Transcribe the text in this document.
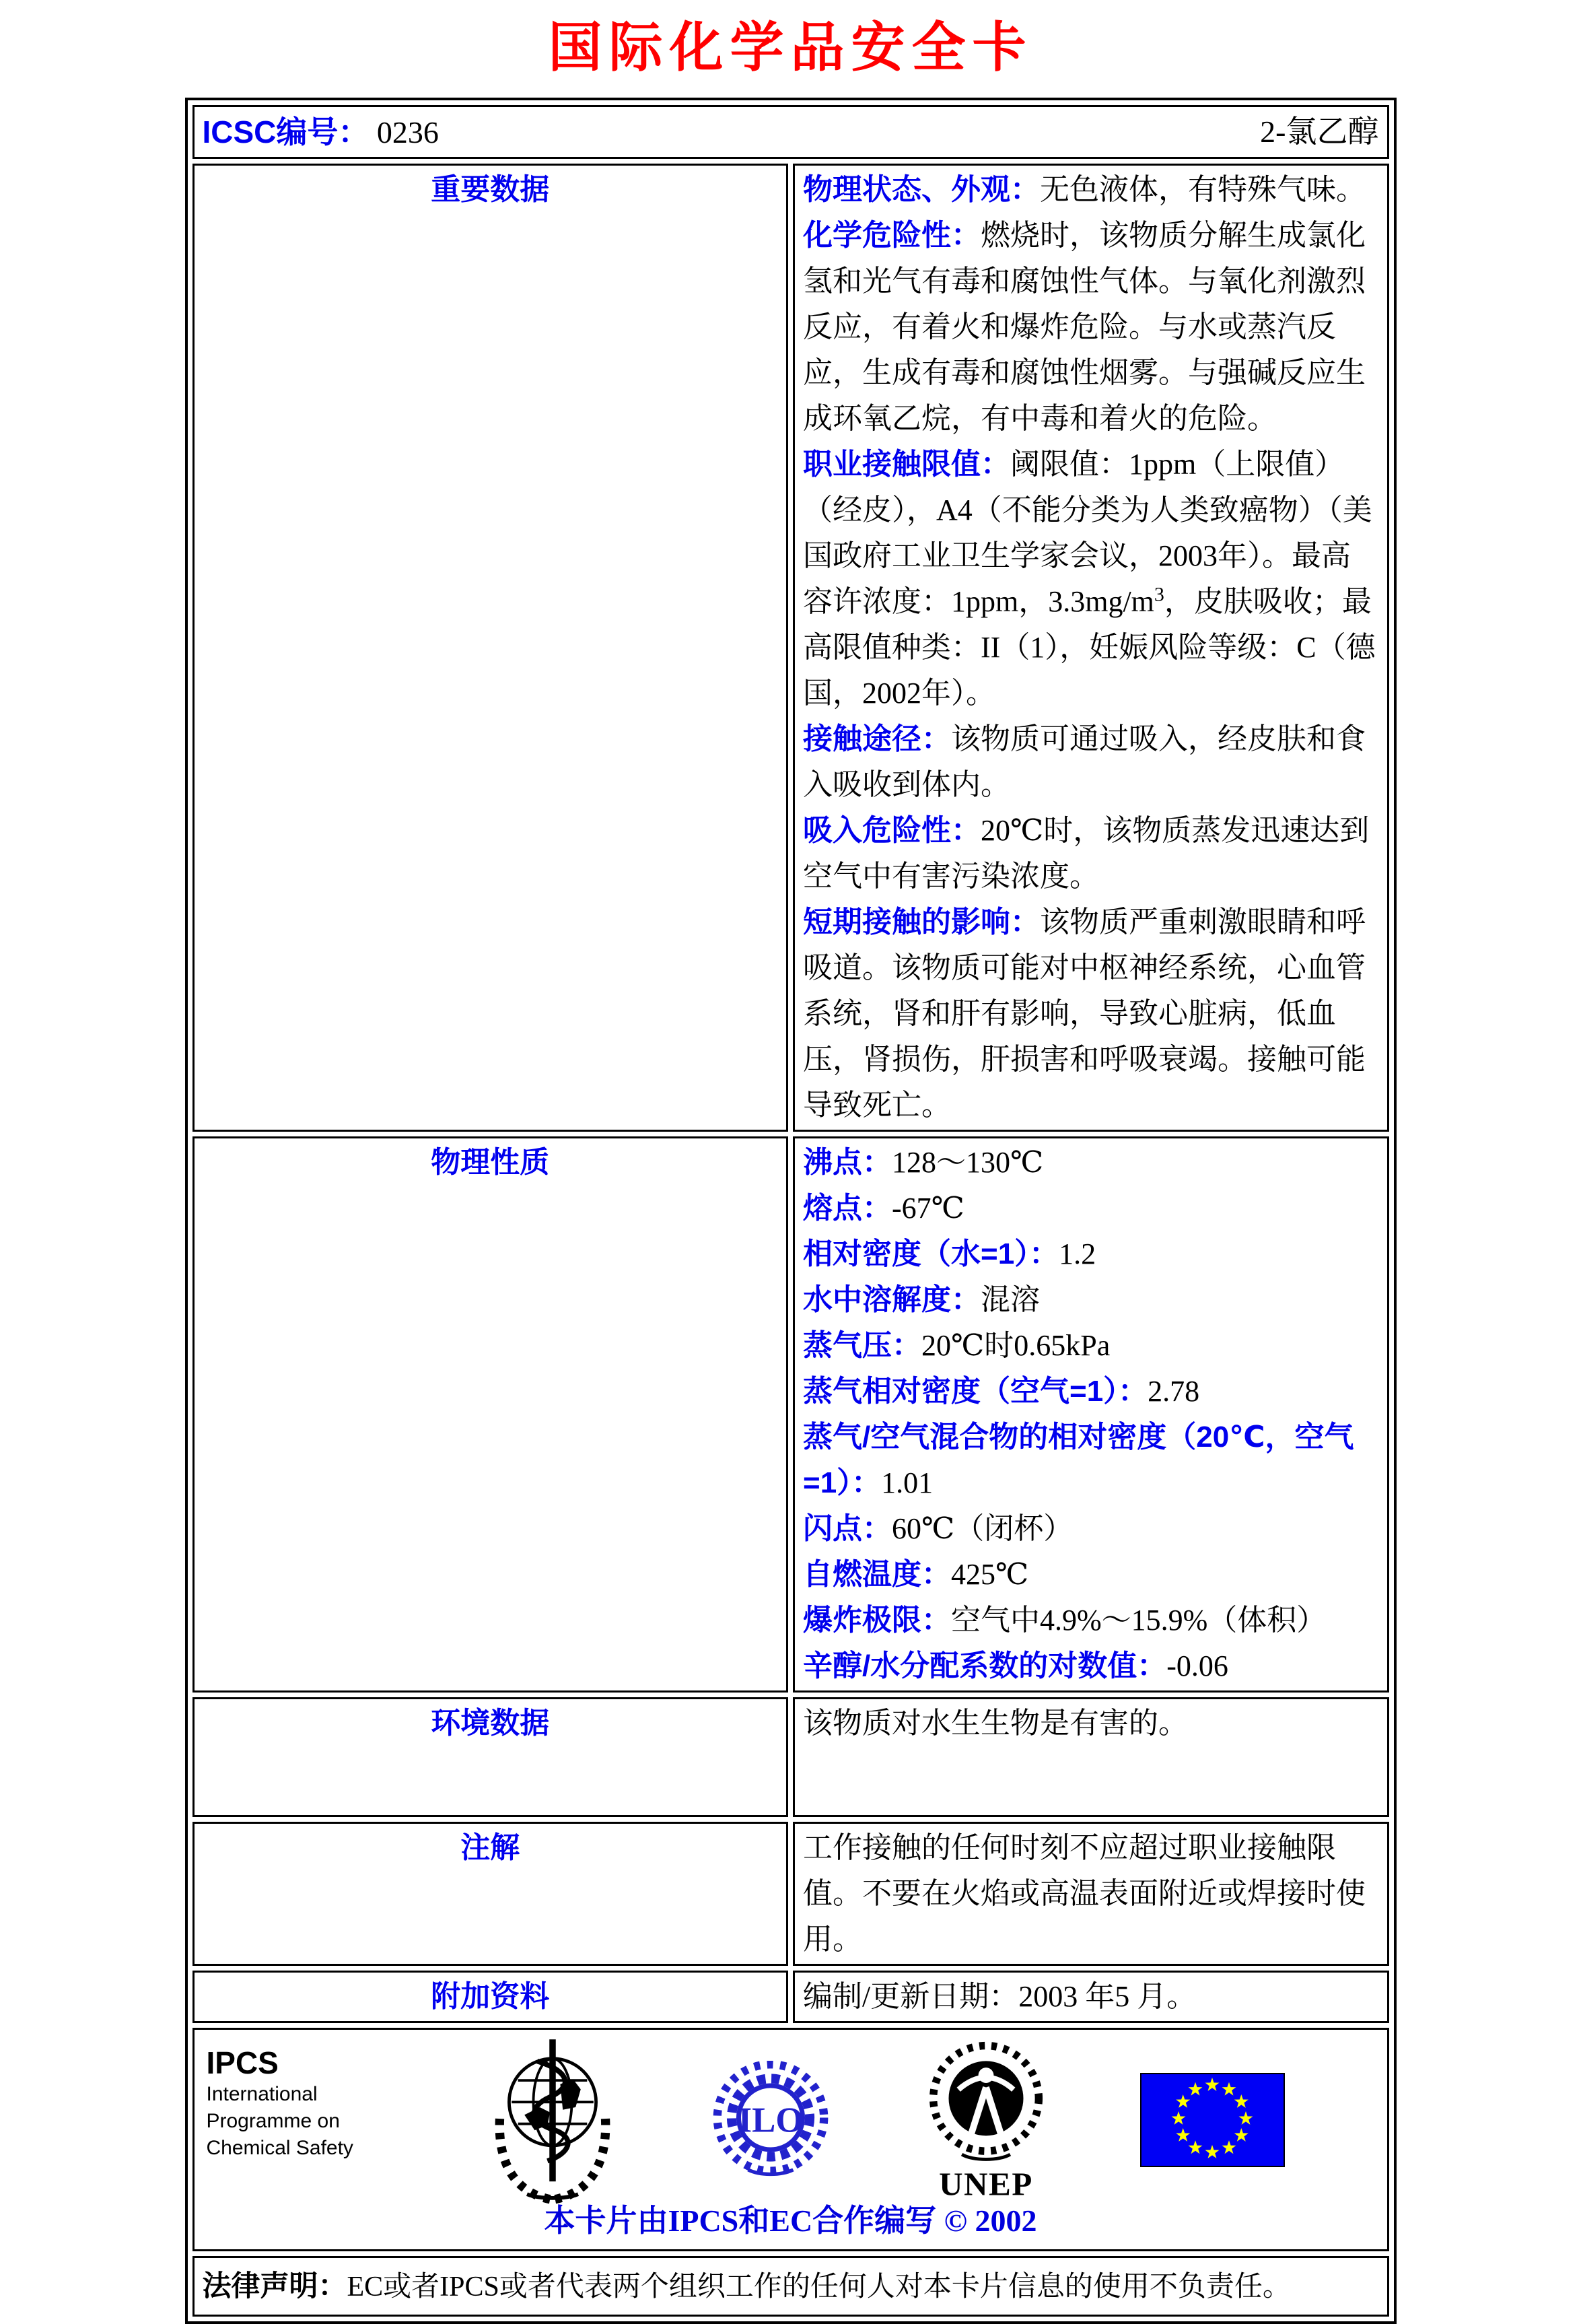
国际化学品安全卡
ICSC编号： 0236 2-氯乙醇	

重要数据	物理状态、外观：无色液体，有特殊气味。

化学危险性：燃烧时，该物质分解生成氯化氢和光气有毒和腐蚀性气体。与氧化剂激烈反应，有着火和爆炸危险。与水或蒸汽反应，生成有毒和腐蚀性烟雾。与强碱反应生成环氧乙烷，有中毒和着火的危险。

职业接触限值：阈限值：1ppm（上限值）（经皮），A4（不能分类为人类致癌物）（美国政府工业卫生学家会议，2003年）。最高容许浓度：1ppm，$3.3mg/m^3$，皮肤吸收；最高限值种类：II（1），妊娠风险等级：C（德国，2002年）。

接触途径：该物质可通过吸入，经皮肤和食入吸收到体内。

吸入危险性：20℃时，该物质蒸发迅速达到空气中有害污染浓度。

短期接触的影响：该物质严重刺激眼睛和呼吸道。该物质可能对中枢神经系统，心血管系统，肾和肝有影响，导致心脏病，低血压，肾损伤，肝损害和呼吸衰竭。接触可能导致死亡。

物理性质	沸点：128～130℃

熔点：-67℃

相对密度（水=1）：1.2

水中溶解度：混溶

蒸气压：20℃时0.65kPa

蒸气相对密度（空气=1）：2.78

蒸气/空气混合物的相对密度（20℃，空气=1）：1.01

闪点：60℃（闭杯）

自燃温度：425℃

爆炸极限：空气中4.9%～15.9%（体积）

辛醇/水分配系数的对数值：-0.06

环境数据	该物质对水生生物是有害的。

注解	工作接触的任何时刻不应超过职业接触限值。不要在火焰或高温表面附近或焊接时使用。

附加资料	编制/更新日期：2003 年5 月。

IPCS
International
Programme on
Chemical Safety
ILO
UNEP
本卡片由IPCS和EC合作编写 © 2002

法律声明：EC或者IPCS或者代表两个组织工作的任何人对本卡片信息的使用不负责任。	
